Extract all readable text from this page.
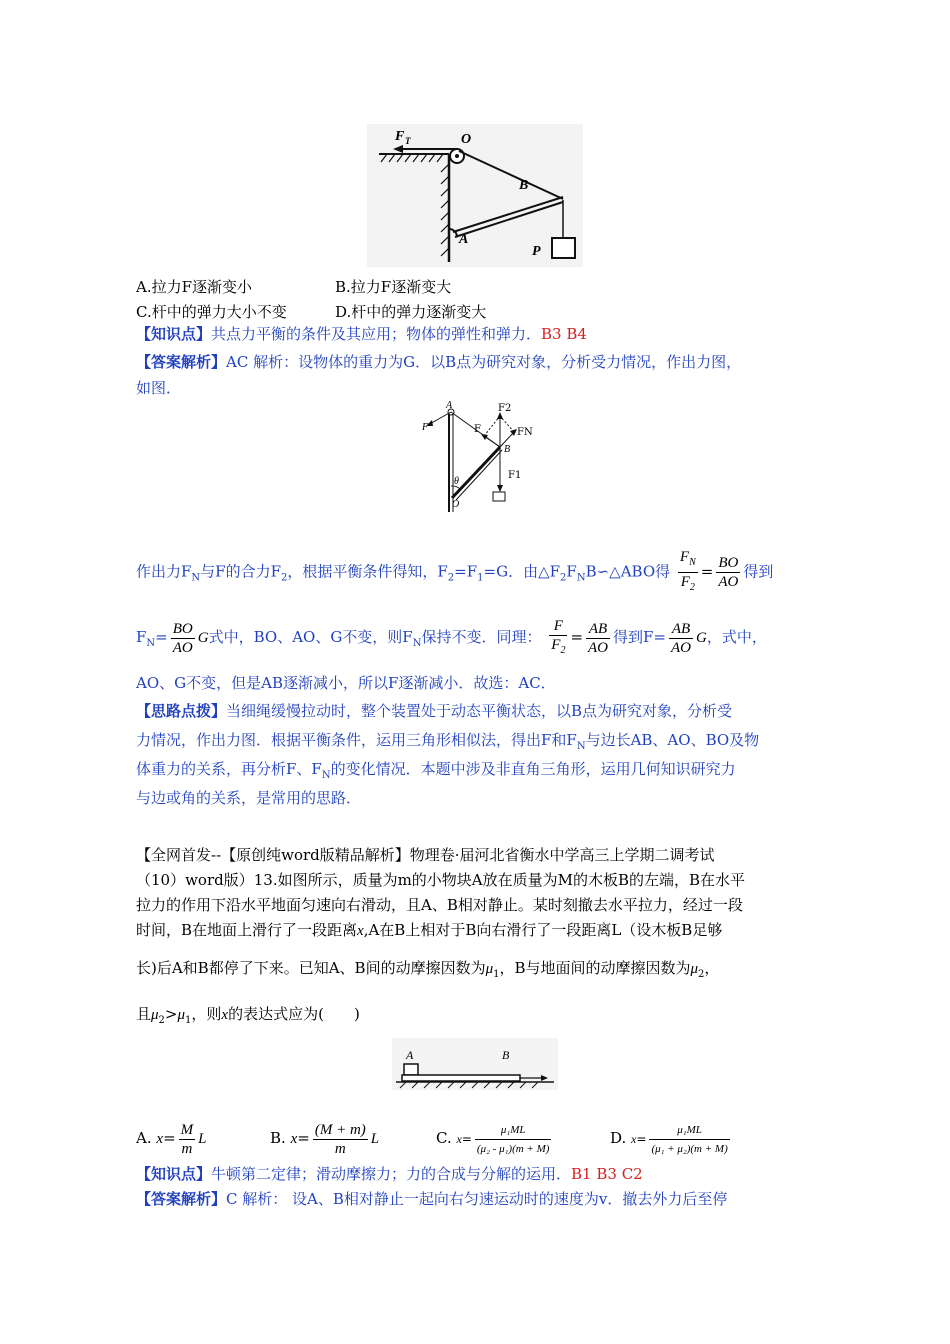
F T	O
B
A
P
A.拉力F逐渐变小	B.拉力F逐渐变大
C.杆中的弹力大小不变	D.杆中的弹力逐渐变大
【知识点】共点力平衡的条件及其应用；物体的弹性和弹力．B3 B4
【答案解析】AC 解析：设物体的重力为G．以B点为研究对象，分析受力情况，作出力图，
如图．
A
F
F2
FN
F
B
F1
θ
O
作出力$F_N$与F的合力$F_2$，根据平衡条件得知，$F_2=F_1=G$．由$\triangle F_2F_NB∽\triangle ABO$得 $\frac{F_N}{F_2} = \frac{BO}{AO}$ 得到
$F_N= \frac{BO}{AO}$ G式中，BO、AO、G不变，则$F_N$保持不变．同理： $\frac{F}{F_2} = \frac{AB}{AO}$ 得到$F= \frac{AB}{AO}$ G，式中，
AO、G不变，但是AB逐渐减小，所以F逐渐减小．故选：AC．
【思路点拨】当细绳缓慢拉动时，整个装置处于动态平衡状态，以B点为研究对象，分析受
力情况，作出力图．根据平衡条件，运用三角形相似法，得出F和$F_N$与边长AB、AO、BO及物
体重力的关系，再分析F、$F_N$的变化情况．本题中涉及非直角三角形，运用几何知识研究力
与边或角的关系，是常用的思路．
【全网首发--【原创纯word版精品解析】物理卷·届河北省衡水中学高三上学期二调考试
（10）word版）13.如图所示，质量为m的小物块A放在质量为M的木板B的左端，B在水平
拉力的作用下沿水平地面匀速向右滑动，且A、B相对静止。某时刻撤去水平拉力，经过一段
时间，B在地面上滑行了一段距离x,A在B上相对于B向右滑行了一段距离L（设木板B足够
长)后A和B都停了下来。已知A、B间的动摩擦因数为$\mu_1$，B与地面间的动摩擦因数为$\mu_2$，
且$\mu_2>\mu_1$，则x的表达式应为(　　)
A	B
A. $x= \frac{M}{m}$ L	B. $x= \frac{(M + m)}{m}$ L	C. $x= \frac{\text{μ₁ML}}{\text{(μ₂ - μ₁)(m + M)}}$	D. $x= \frac{\text{μ₁ML}}{\text{(μ₁ + μ₂)(m + M)}}$
【知识点】牛顿第二定律；滑动摩擦力；力的合成与分解的运用．B1 B3 C2
【答案解析】C 解析： 设A、B相对静止一起向右匀速运动时的速度为v．撤去外力后至停
